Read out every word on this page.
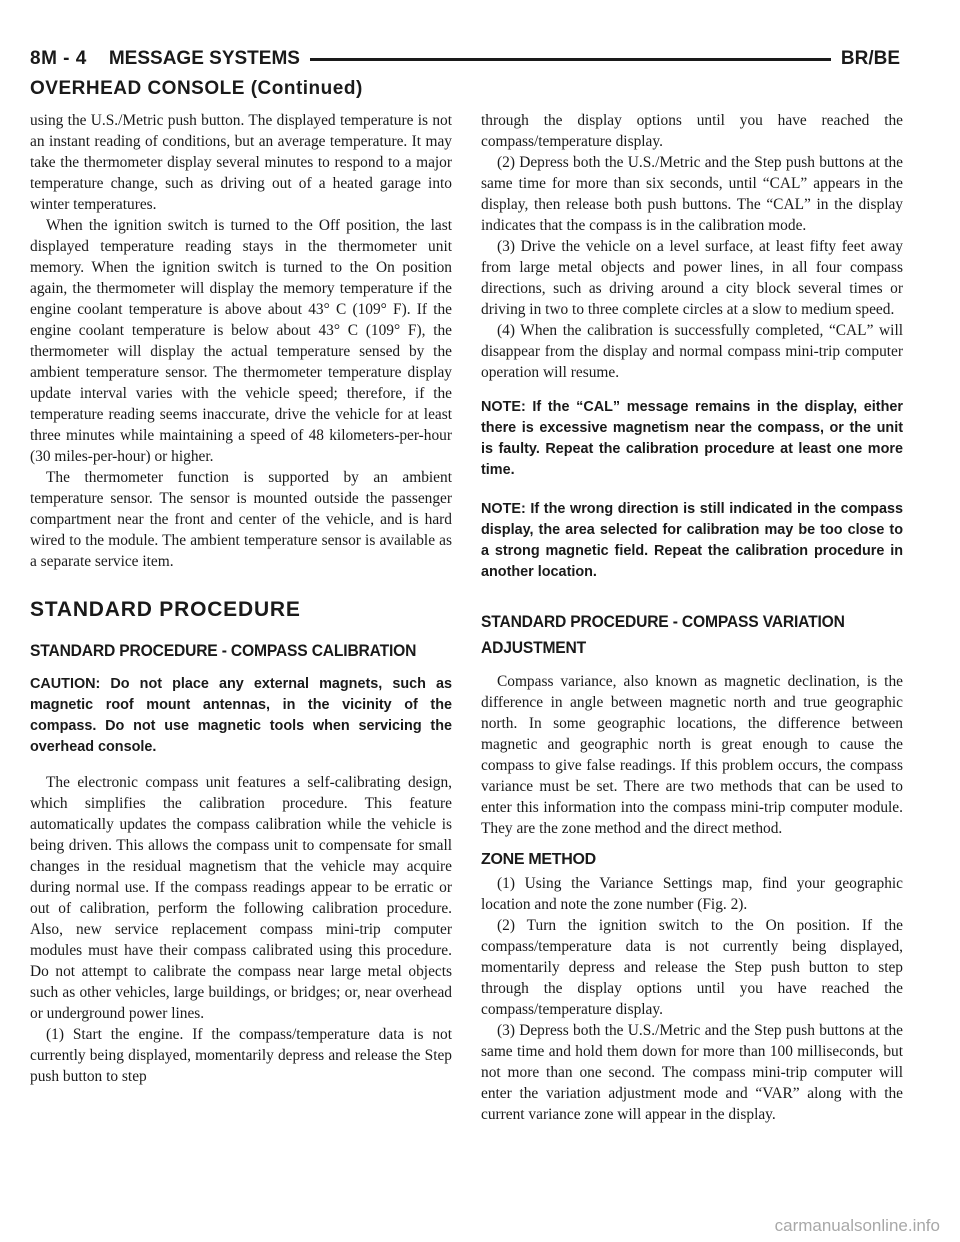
8M - 4 MESSAGE SYSTEMS	BR/BE
OVERHEAD CONSOLE (Continued)

using the U.S./Metric push button. The displayed temperature is not an instant reading of conditions, but an average temperature. It may take the thermometer display several minutes to respond to a major temperature change, such as driving out of a heated garage into winter temperatures.

When the ignition switch is turned to the Off position, the last displayed temperature reading stays in the thermometer unit memory. When the ignition switch is turned to the On position again, the thermometer will display the memory temperature if the engine coolant temperature is above about 43° C (109° F). If the engine coolant temperature is below about 43° C (109° F), the thermometer will display the actual temperature sensed by the ambient temperature sensor. The thermometer temperature display update interval varies with the vehicle speed; therefore, if the temperature reading seems inaccurate, drive the vehicle for at least three minutes while maintaining a speed of 48 kilometers-per-hour (30 miles-per-hour) or higher.

The thermometer function is supported by an ambient temperature sensor. The sensor is mounted outside the passenger compartment near the front and center of the vehicle, and is hard wired to the module. The ambient temperature sensor is available as a separate service item.

STANDARD PROCEDURE
STANDARD PROCEDURE - COMPASS CALIBRATION

CAUTION: Do not place any external magnets, such as magnetic roof mount antennas, in the vicinity of the compass. Do not use magnetic tools when servicing the overhead console.

The electronic compass unit features a self-calibrating design, which simplifies the calibration procedure. This feature automatically updates the compass calibration while the vehicle is being driven. This allows the compass unit to compensate for small changes in the residual magnetism that the vehicle may acquire during normal use. If the compass readings appear to be erratic or out of calibration, perform the following calibration procedure. Also, new service replacement compass mini-trip computer modules must have their compass calibrated using this procedure. Do not attempt to calibrate the compass near large metal objects such as other vehicles, large buildings, or bridges; or, near overhead or underground power lines.

(1) Start the engine. If the compass/temperature data is not currently being displayed, momentarily depress and release the Step push button to step

through the display options until you have reached the compass/temperature display.

(2) Depress both the U.S./Metric and the Step push buttons at the same time for more than six seconds, until “CAL” appears in the display, then release both push buttons. The “CAL” in the display indicates that the compass is in the calibration mode.

(3) Drive the vehicle on a level surface, at least fifty feet away from large metal objects and power lines, in all four compass directions, such as driving around a city block several times or driving in two to three complete circles at a slow to medium speed.

(4) When the calibration is successfully completed, “CAL” will disappear from the display and normal compass mini-trip computer operation will resume.

NOTE: If the “CAL” message remains in the display, either there is excessive magnetism near the compass, or the unit is faulty. Repeat the calibration procedure at least one more time.

NOTE: If the wrong direction is still indicated in the compass display, the area selected for calibration may be too close to a strong magnetic field. Repeat the calibration procedure in another location.

STANDARD PROCEDURE - COMPASS VARIATION ADJUSTMENT

Compass variance, also known as magnetic declination, is the difference in angle between magnetic north and true geographic north. In some geographic locations, the difference between magnetic and geographic north is great enough to cause the compass to give false readings. If this problem occurs, the compass variance must be set. There are two methods that can be used to enter this information into the compass mini-trip computer module. They are the zone method and the direct method.

ZONE METHOD

(1) Using the Variance Settings map, find your geographic location and note the zone number (Fig. 2).

(2) Turn the ignition switch to the On position. If the compass/temperature data is not currently being displayed, momentarily depress and release the Step push button to step through the display options until you have reached the compass/temperature display.

(3) Depress both the U.S./Metric and the Step push buttons at the same time and hold them down for more than 100 milliseconds, but not more than one second. The compass mini-trip computer will enter the variation adjustment mode and “VAR” along with the current variance zone will appear in the display.

carmanualsonline.info
